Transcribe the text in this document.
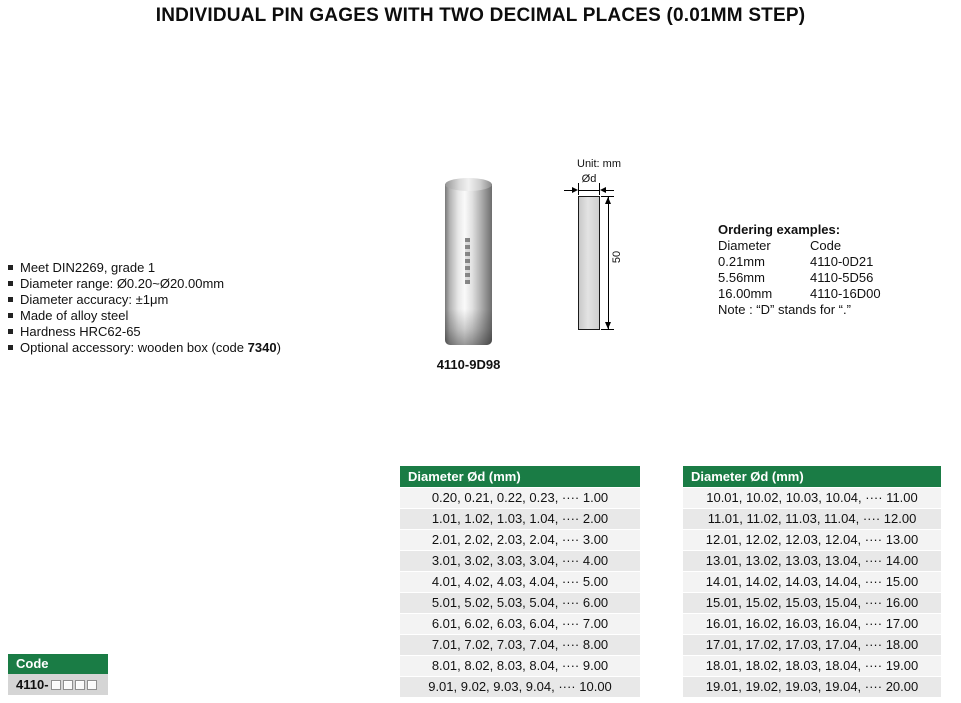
INDIVIDUAL PIN GAGES WITH TWO DECIMAL PLACES (0.01MM STEP)
Meet DIN2269, grade 1
Diameter range: Ø0.20~Ø20.00mm
Diameter accuracy: ±1μm
Made of alloy steel
Hardness HRC62-65
Optional accessory: wooden box (code 7340)
4110-9D98
Unit: mm
Ød
50
Ordering examples:
Diameter	Code
0.21mm	4110-0D21
5.56mm	4110-5D56
16.00mm	4110-16D00
Note : “D” stands for “.”
Diameter Ød (mm)
0.20, 0.21, 0.22, 0.23, ···· 1.00
1.01, 1.02, 1.03, 1.04, ···· 2.00
2.01, 2.02, 2.03, 2.04, ···· 3.00
3.01, 3.02, 3.03, 3.04, ···· 4.00
4.01, 4.02, 4.03, 4.04, ···· 5.00
5.01, 5.02, 5.03, 5.04, ···· 6.00
6.01, 6.02, 6.03, 6.04, ···· 7.00
7.01, 7.02, 7.03, 7.04, ···· 8.00
8.01, 8.02, 8.03, 8.04, ···· 9.00
9.01, 9.02, 9.03, 9.04, ···· 10.00
Diameter Ød (mm)
10.01, 10.02, 10.03, 10.04, ···· 11.00
11.01, 11.02, 11.03, 11.04, ···· 12.00
12.01, 12.02, 12.03, 12.04, ···· 13.00
13.01, 13.02, 13.03, 13.04, ···· 14.00
14.01, 14.02, 14.03, 14.04, ···· 15.00
15.01, 15.02, 15.03, 15.04, ···· 16.00
16.01, 16.02, 16.03, 16.04, ···· 17.00
17.01, 17.02, 17.03, 17.04, ···· 18.00
18.01, 18.02, 18.03, 18.04, ···· 19.00
19.01, 19.02, 19.03, 19.04, ···· 20.00
Code
4110-
